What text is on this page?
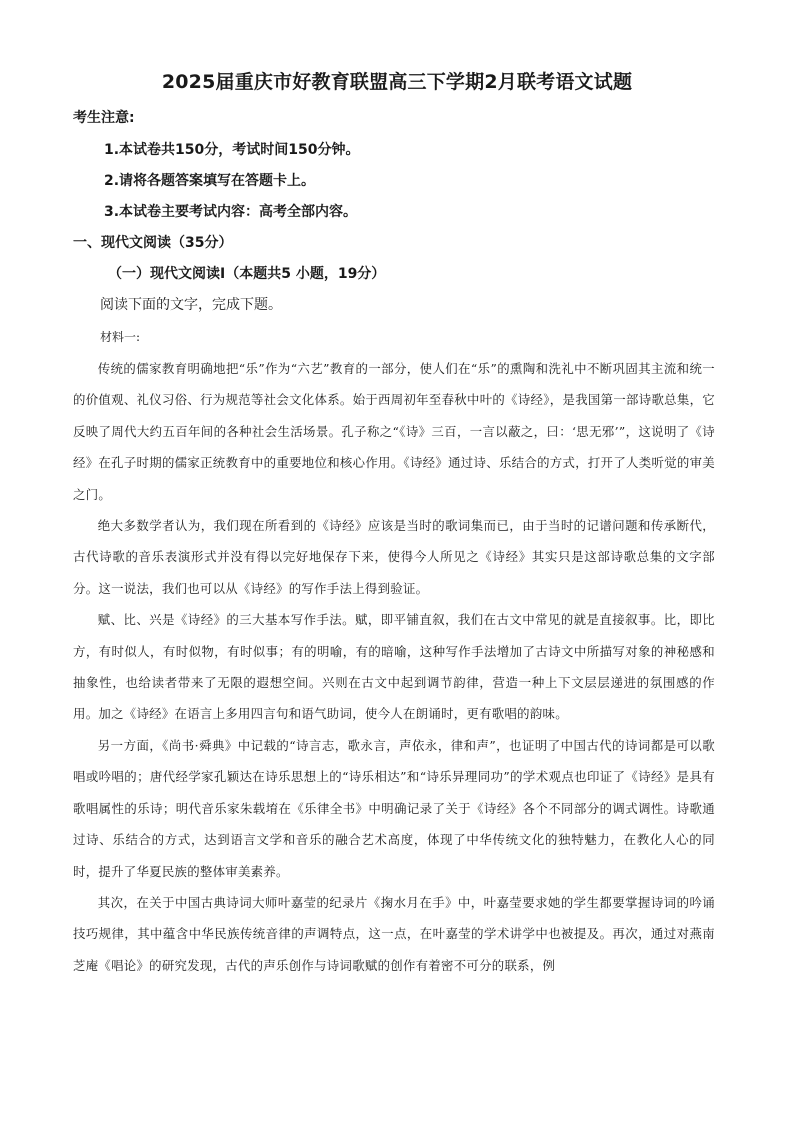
2025届重庆市好教育联盟高三下学期2月联考语文试题
考生注意:
1.本试卷共150分，考试时间150分钟。
2.请将各题答案填写在答题卡上。
3.本试卷主要考试内容：高考全部内容。
一、现代文阅读（35分）
（一）现代文阅读Ⅰ（本题共5 小题，19分）
阅读下面的文字，完成下题。
材料一:

传统的儒家教育明确地把“乐”作为“六艺”教育的一部分，使人们在“乐”的熏陶和洗礼中不断巩固其主流和统一的价值观、礼仪习俗、行为规范等社会文化体系。始于西周初年至春秋中叶的《诗经》，是我国第一部诗歌总集，它反映了周代大约五百年间的各种社会生活场景。孔子称之“《诗》三百，一言以蔽之，曰：‘思无邪’”，这说明了《诗经》在孔子时期的儒家正统教育中的重要地位和核心作用。《诗经》通过诗、乐结合的方式，打开了人类听觉的审美之门。

绝大多数学者认为，我们现在所看到的《诗经》应该是当时的歌词集而已，由于当时的记谱问题和传承断代，古代诗歌的音乐表演形式并没有得以完好地保存下来，使得今人所见之《诗经》其实只是这部诗歌总集的文字部分。这一说法，我们也可以从《诗经》的写作手法上得到验证。

赋、比、兴是《诗经》的三大基本写作手法。赋，即平铺直叙，我们在古文中常见的就是直接叙事。比，即比方，有时似人，有时似物，有时似事；有的明喻，有的暗喻，这种写作手法增加了古诗文中所描写对象的神秘感和抽象性，也给读者带来了无限的遐想空间。兴则在古文中起到调节韵律，营造一种上下文层层递进的氛围感的作用。加之《诗经》在语言上多用四言句和语气助词，使今人在朗诵时，更有歌唱的韵味。

另一方面，《尚书·舜典》中记载的“诗言志，歌永言，声依永，律和声”，也证明了中国古代的诗词都是可以歌唱或吟唱的；唐代经学家孔颖达在诗乐思想上的“诗乐相达”和“诗乐异理同功”的学术观点也印证了《诗经》是具有歌唱属性的乐诗；明代音乐家朱载堉在《乐律全书》中明确记录了关于《诗经》各个不同部分的调式调性。诗歌通过诗、乐结合的方式，达到语言文学和音乐的融合艺术高度，体现了中华传统文化的独特魅力，在教化人心的同时，提升了华夏民族的整体审美素养。

其次，在关于中国古典诗词大师叶嘉莹的纪录片《掬水月在手》中，叶嘉莹要求她的学生都要掌握诗词的吟诵技巧规律，其中蕴含中华民族传统音律的声调特点，这一点，在叶嘉莹的学术讲学中也被提及。再次，通过对燕南芝庵《唱论》的研究发现，古代的声乐创作与诗词歌赋的创作有着密不可分的联系，例
